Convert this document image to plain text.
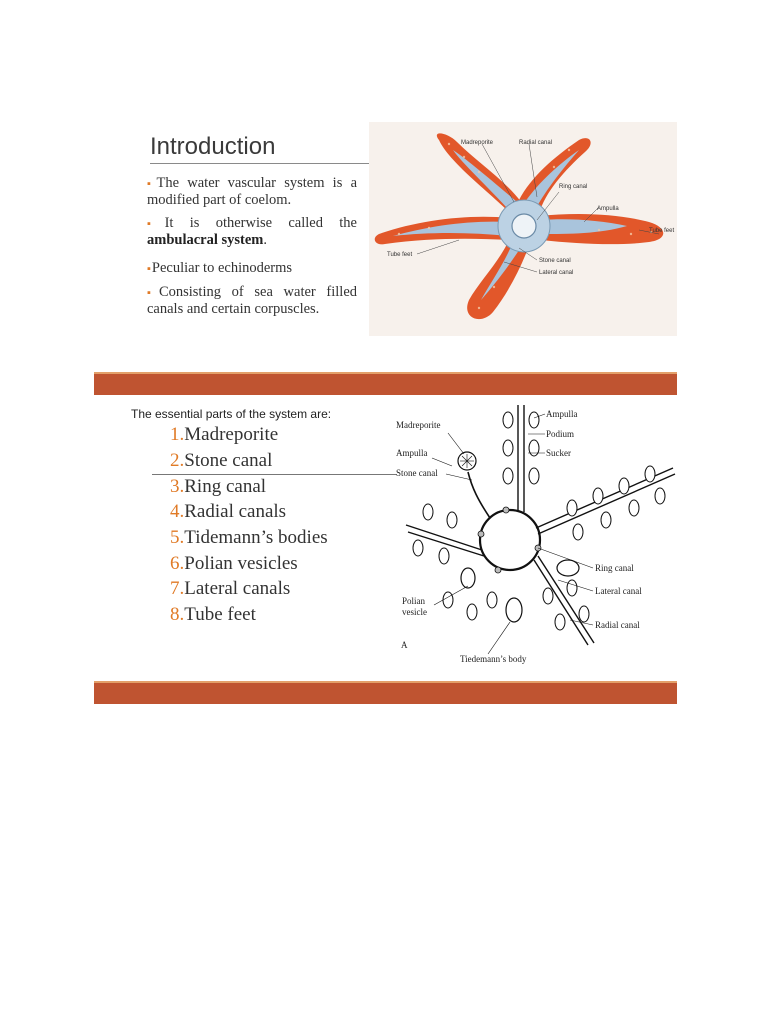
Introduction
▪The water vascular system is a modified part of coelom.
▪It is otherwise called the ambulacral system.
▪Peculiar to echinoderms
▪Consisting of sea water filled canals and certain corpuscles.
Madreporite	Radial canal
Ring canal
Ampulla
Tube feet
Tube feet
Stone canal
Lateral canal
The essential parts of the system are:
1.Madreporite
2.Stone canal
3.Ring canal
4.Radial canals
5.Tidemann’s bodies
6.Polian vesicles
7.Lateral canals
8.Tube feet
Madreporite
Ampulla
Stone canal
Ampulla
Podium
Sucker
Ring canal
Lateral canal
Radial canal
Polian
vesicle
Tiedemann’s body
A
